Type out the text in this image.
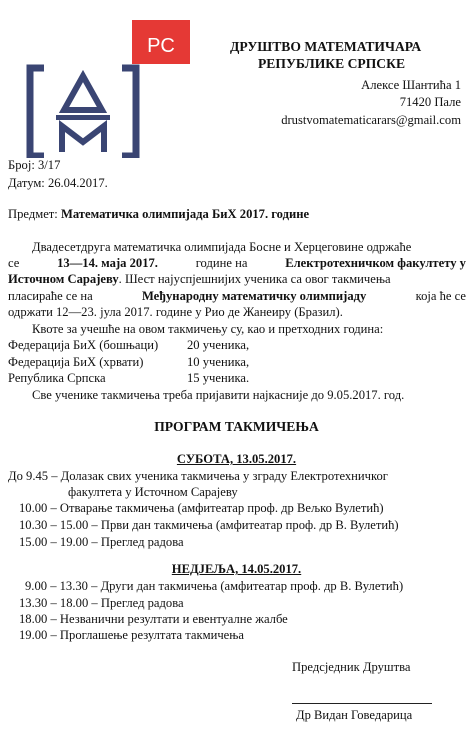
PC	ДРУШТВО МАТЕМАТИЧАРА
РЕПУБЛИКЕ СРПСКЕ
Алексе Шантића 1
71420 Пале
drustvomatematicarars@gmail.com
Број: 3/17
Датум: 26.04.2017.
Предмет: Математичка олимпијада БиХ 2017. године
Двадесетдруга математичка олимпијада Босне и Херцеговине одржаће
се	13—14. маја 2017.	године на	Електротехничком факултету у
Источном Сарајеву. Шест најуспјешнијих ученика са овог такмичења
пласираће се на	Међународну математичку олимпијаду	која ће се
одржати 12—23. јула 2017. године у Рио де Жанеиру (Бразил).
Квоте за учешће на овом такмичењу су, као и претходних година:
Федерација БиХ (бошњаци) 20 ученика,
Федерација БиХ (хрвати)	10 ученика,
Република Српска	15 ученика.
Све ученике такмичења треба пријавити најкасније до 9.05.2017. год.
ПРОГРАМ ТАКМИЧЕЊА
СУБОТА, 13.05.2017.
До 9.45 – Долазак свих ученика такмичења у зграду Електротехничког
факултета у Источном Сарајеву
10.00 – Отварање такмичења (амфитеатар проф. др Вељко Вулетић)
10.30 – 15.00 – Први дан такмичења (амфитеатар проф. др В. Вулетић)
15.00 – 19.00 – Преглед радова
НЕДЈЕЉА, 14.05.2017.
9.00 – 13.30 – Други дан такмичења (амфитеатар проф. др В. Вулетић)
13.30 – 18.00 – Преглед радова
18.00 – Незванични резултати и евентуалне жалбе
19.00 – Проглашење резултата такмичења
Предсједник Друштва
Др Видан Говедарица
